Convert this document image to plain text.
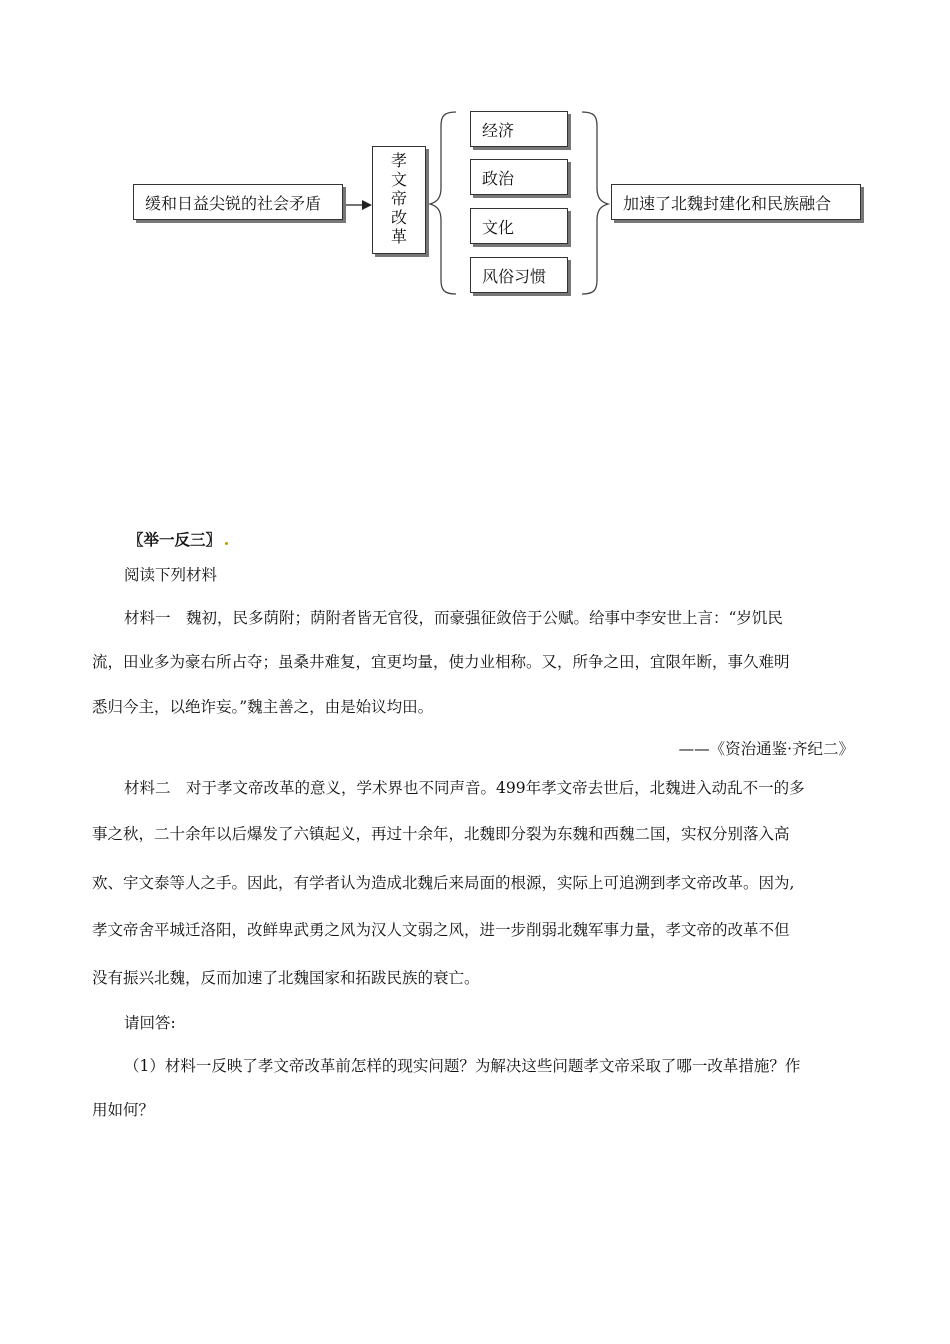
缓和日益尖锐的社会矛盾
孝
文
帝
改
革
经济
政治
文化
风俗习惯
加速了北魏封建化和民族融合
〖举一反三〗
阅读下列材料
材料一　魏初，民多荫附；荫附者皆无官役，而豪强征敛倍于公赋。给事中李安世上言：“岁饥民
流，田业多为豪右所占夺；虽桑井难复，宜更均量，使力业相称。又，所争之田，宜限年断，事久难明
悉归今主，以绝诈妄。”魏主善之，由是始议均田。
——《资治通鉴·齐纪二》
材料二　对于孝文帝改革的意义，学术界也不同声音。499年孝文帝去世后，北魏进入动乱不一的多
事之秋，二十余年以后爆发了六镇起义，再过十余年，北魏即分裂为东魏和西魏二国，实权分别落入高
欢、宇文泰等人之手。因此，有学者认为造成北魏后来局面的根源，实际上可追溯到孝文帝改革。因为,
孝文帝舍平城迁洛阳，改鲜卑武勇之风为汉人文弱之风，进一步削弱北魏军事力量，孝文帝的改革不但
没有振兴北魏，反而加速了北魏国家和拓跋民族的衰亡。
请回答:
（1）材料一反映了孝文帝改革前怎样的现实问题？为解决这些问题孝文帝采取了哪一改革措施？作
用如何？
